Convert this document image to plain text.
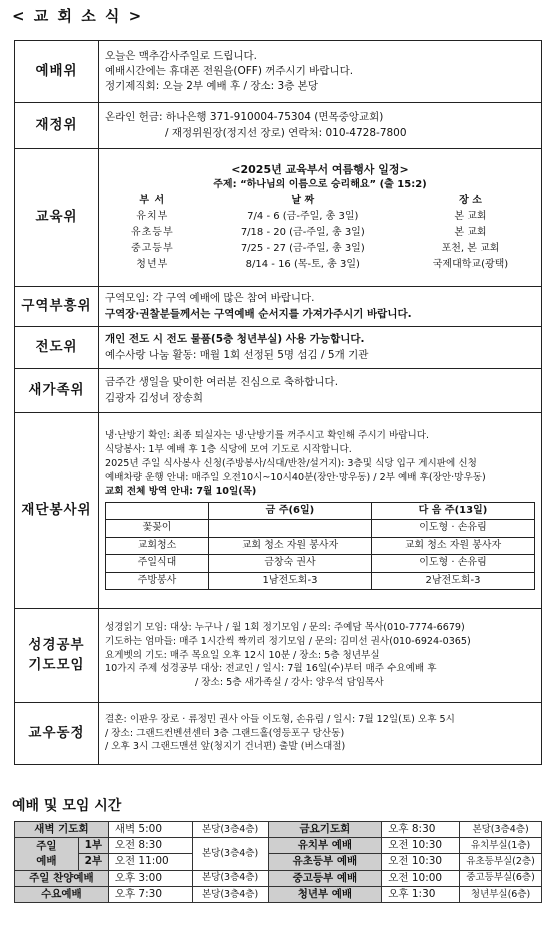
< 교 회 소 식 >
예배위	
오늘은 맥추감사주일로 드립니다.
예배시간에는 휴대폰 전원을(OFF) 꺼주시기 바랍니다.
정기제직회: 오늘 2부 예배 후 / 장소: 3층 본당

재정위	온라인 헌금: 하나은행 371-910004-75304 (면목중앙교회)
/ 재정위원장(정지선 장로) 연락처: 010-4728-7800

교육위	
<2025년 교육부서 여름행사 일정>
주제: “하나님의 이름으로 승리해요” (출 15:2)
부 서	날 짜	장 소
유치부	7/4 - 6 (금-주일, 총 3일)	본 교회
유초등부	7/18 - 20 (금-주일, 총 3일)	본 교회
중고등부	7/25 - 27 (금-주일, 총 3일)	포천, 본 교회
청년부	8/14 - 16 (목-토, 총 3일)	국제대학교(광택)

구역부흥위	구역모임: 각 구역 예배에 많은 참여 바랍니다.
구역장·권찰분들께서는 구역예배 순서지를 가져가주시기 바랍니다.

전도위	개인 전도 시 전도 물품(5층 청년부실) 사용 가능합니다.
예수사랑 나눔 활동: 매월 1회 선정된 5명 섬김 / 5개 기관

새가족위	금주간 생일을 맞이한 여러분 진심으로 축하합니다.
김광자 김성녀 장송희

재단봉사위	
냉·난방기 확인: 최종 퇴실자는 냉·난방기를 꺼주시고 확인해 주시기 바랍니다.
식당봉사: 1부 예배 후 1층 식당에 모여 기도로 시작합니다.
2025년 주일 식사봉사 신청(주방봉사/식대/반찬/설거지): 3층및 식당 입구 게시판에 신청
예배차량 운행 안내: 매주일 오전10시~10시40분(장안·망우동) / 2부 예배 후(장안·망우동)
교회 전체 방역 안내: 7월 10일(목)
	금 주(6일)	다 음 주(13일)
꽃꽂이		이도형 · 손유림
교회청소	교회 청소 자원 봉사자	교회 청소 자원 봉사자
주일식대	금창숙 권사	이도형 · 손유림
주방봉사	1남전도회-3	2남전도회-3

성경공부
기도모임

성경읽기 모임: 대상: 누구나 / 월 1회 정기모임 / 문의: 주예담 목사(010-7774-6679)
기도하는 엄마들: 매주 1시간씩 짝끼리 정기모임 / 문의: 김미선 권사(010-6924-0365)
요게벳의 기도: 매주 목요일 오후 12시 10분 / 장소: 5층 청년부실
10가지 주제 성경공부 대상: 전교인 / 일시: 7월 16일(수)부터 매주 수요예배 후
/ 장소: 5층 새가족실 / 강사: 양우석 담임목사

교우동정	
결혼: 이판우 장로 · 류정민 권사 아들 이도형, 손유림 / 일시: 7월 12일(토) 오후 5시
/ 장소: 그랜드컨벤션센터 3층 그랜드홀(영등포구 당산동)
/ 오후 3시 그랜드맨션 앞(청지기 건너편) 출발 (버스대절)
예배 및 모임 시간
새벽 기도회		새벽 5:00	본당(3층4층)	금요기도회	오후 8:30	본당(3층4층)

주일
예배	1부	오전 8:30	본당(3층4층)	유치부 예배	오전 10:30	유치부실(1층)
	2부	오전 11:00		유초등부 예배	오전 10:30	유초등부실(2층)
주일 찬양예배		오후 3:00	본당(3층4층)	중고등부 예배	오전 10:00	중고등부실(6층)
수요예배		오후 7:30	본당(3층4층)	청년부 예배	오후 1:30	청년부실(6층)
